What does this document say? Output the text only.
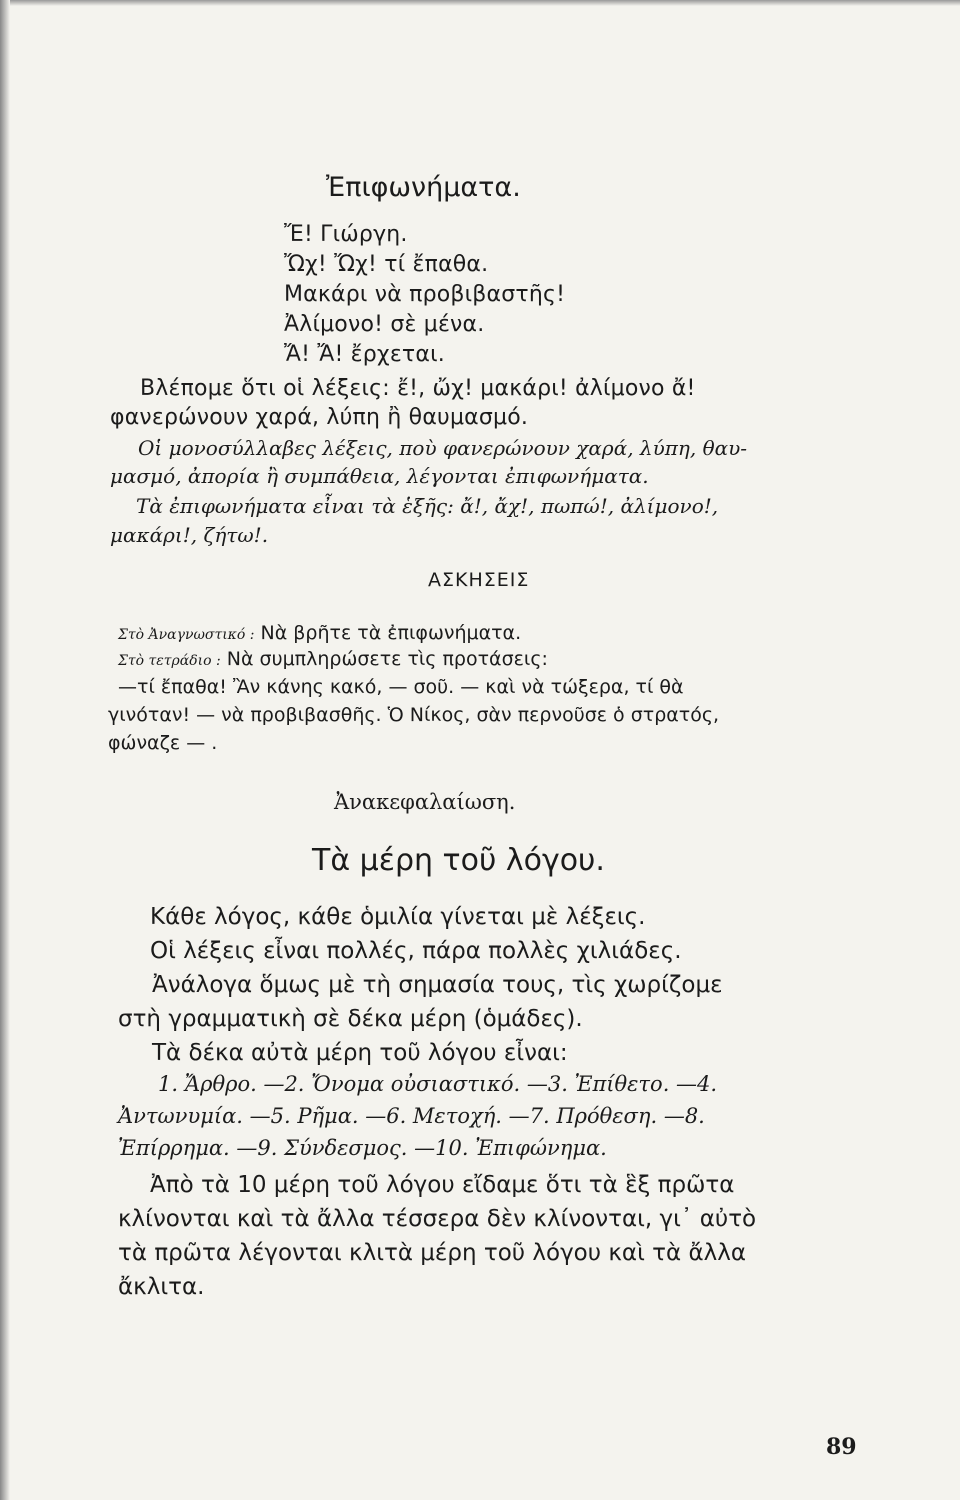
Ἐπιφωνήματα.
Ἔ! Γιώργη.
Ὤχ! Ὤχ! τί ἔπαθα.
Μακάρι νὰ προβιβαστῆς!
Ἀλίμονο! σὲ μένα.
Ἄ! Ἄ! ἔρχεται.
Βλέπομε ὅτι οἱ λέξεις: ἔ!, ὤχ! μακάρι! ἀλίμονο ἄ!
φανερώνουν χαρά, λύπη ἢ θαυμασμό.
Οἱ μονοσύλλαβες λέξεις, ποὺ φανερώνουν χαρά, λύπη, θαυ-
μασμό, ἀπορία ἢ συμπάθεια, λέγονται ἐπιφωνήματα.
Τὰ ἐπιφωνήματα εἶναι τὰ ἑξῆς: ἄ!, ἄχ!, πωπώ!, ἀλίμονο!,
μακάρι!, ζήτω!.
ΑΣΚΗΣΕΙΣ
Στὸ Ἀναγνωστικό : Νὰ βρῆτε τὰ ἐπιφωνήματα.
Στὸ τετράδιο : Νὰ συμπληρώσετε τὶς προτάσεις:
—τί ἔπαθα! Ἂν κάνης κακό, — σοῦ. — καὶ νὰ τώξερα, τί θὰ
γινόταν! — νὰ προβιβασθῆς. Ὁ Νίκος, σὰν περνοῦσε ὁ στρατός,
φώναζε — .
Ἀνακεφαλαίωση.
Τὰ μέρη τοῦ λόγου.
Κάθε λόγος, κάθε ὁμιλία γίνεται μὲ λέξεις.
Οἱ λέξεις εἶναι πολλές, πάρα πολλὲς χιλιάδες.
Ἀνάλογα ὅμως μὲ τὴ σημασία τους, τὶς χωρίζομε
στὴ γραμματικὴ σὲ δέκα μέρη (ὁμάδες).
Τὰ δέκα αὐτὰ μέρη τοῦ λόγου εἶναι:
1. Ἄρθρο. —2. Ὄνομα οὐσιαστικό. —3. Ἐπίθετο. —4.
Ἀντωνυμία. —5. Ρῆμα. —6. Μετοχή. —7. Πρόθεση. —8.
Ἐπίρρημα. —9. Σύνδεσμος. —10. Ἐπιφώνημα.
Ἀπὸ τὰ 10 μέρη τοῦ λόγου εἴδαμε ὅτι τὰ ἓξ πρῶτα
κλίνονται καὶ τὰ ἄλλα τέσσερα δὲν κλίνονται, γι᾿ αὐτὸ
τὰ πρῶτα λέγονται κλιτὰ μέρη τοῦ λόγου καὶ τὰ ἄλλα
ἄκλιτα.
89
